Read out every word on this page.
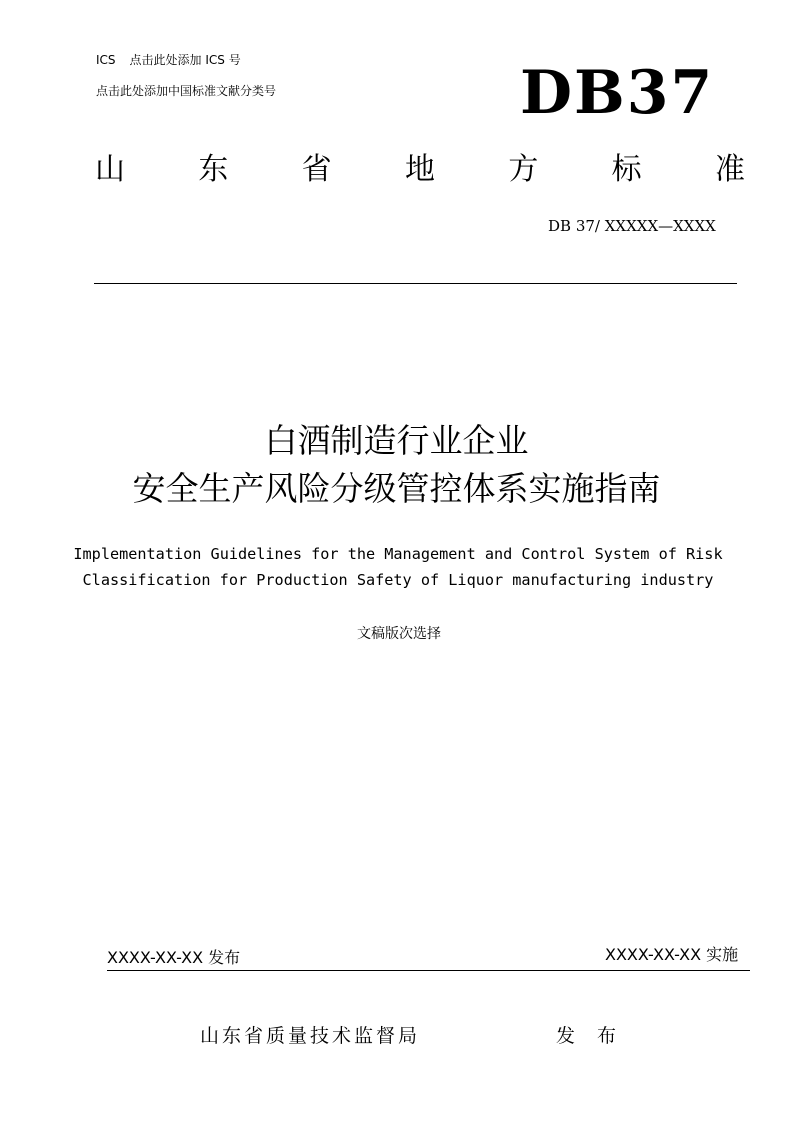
ICS 点击此处添加 ICS 号
点击此处添加中国标准文献分类号	DB37
山 东 省 地 方 标 准
DB 37/ XXXXX—XXXX
白酒制造行业企业
安全生产风险分级管控体系实施指南
Implementation Guidelines for the Management and Control System of Risk
Classification for Production Safety of Liquor manufacturing industry
文稿版次选择
XXXX-XX-XX 发布	XXXX-XX-XX 实施
山东省质量技术监督局	发 布
